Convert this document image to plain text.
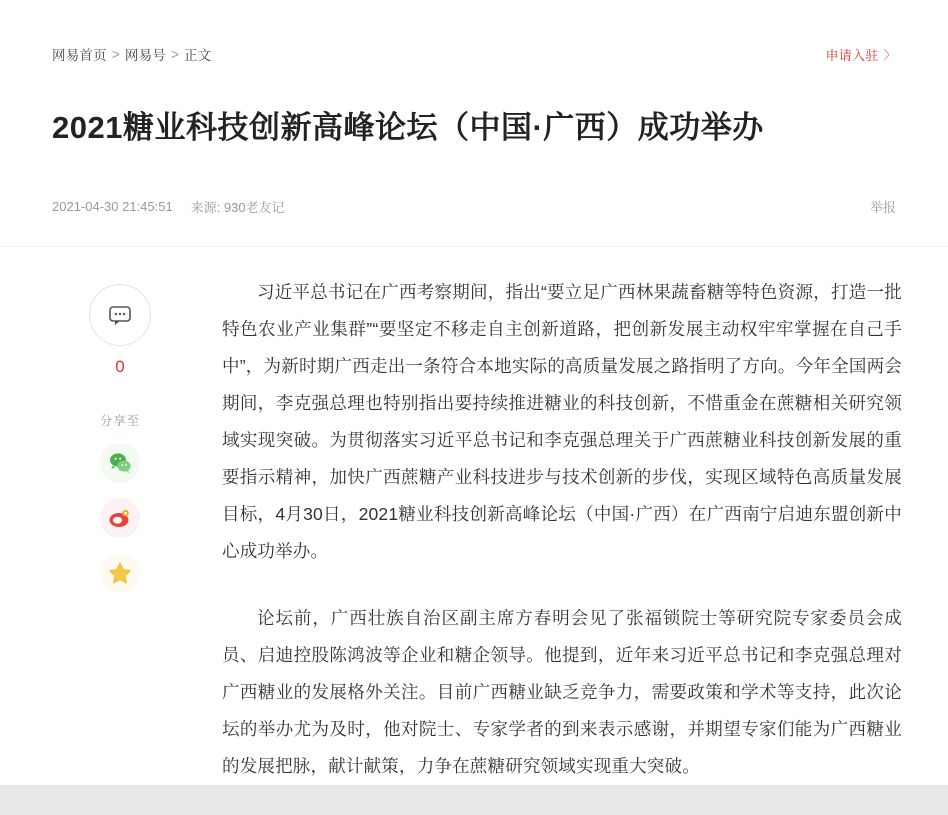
网易首页 > 网易号 > 正文	申请入驻 〉
2021糖业科技创新高峰论坛（中国·广西）成功举办
2021-04-30 21:45:51 来源: 930老友记	举报
0
分享至

习近平总书记在广西考察期间，指出“要立足广西林果蔬畜糖等特色资源，打造一批特色农业产业集群”“要坚定不移走自主创新道路，把创新发展主动权牢牢掌握在自己手中”，为新时期广西走出一条符合本地实际的高质量发展之路指明了方向。今年全国两会期间，李克强总理也特别指出要持续推进糖业的科技创新，不惜重金在蔗糖相关研究领域实现突破。为贯彻落实习近平总书记和李克强总理关于广西蔗糖业科技创新发展的重要指示精神，加快广西蔗糖产业科技进步与技术创新的步伐，实现区域特色高质量发展目标，4月30日，2021糖业科技创新高峰论坛（中国·广西）在广西南宁启迪东盟创新中心成功举办。

论坛前，广西壮族自治区副主席方春明会见了张福锁院士等研究院专家委员会成员、启迪控股陈鸿波等企业和糖企领导。他提到，近年来习近平总书记和李克强总理对广西糖业的发展格外关注。目前广西糖业缺乏竞争力，需要政策和学术等支持，此次论坛的举办尤为及时，他对院士、专家学者的到来表示感谢，并期望专家们能为广西糖业的发展把脉，献计献策，力争在蔗糖研究领域实现重大突破。
